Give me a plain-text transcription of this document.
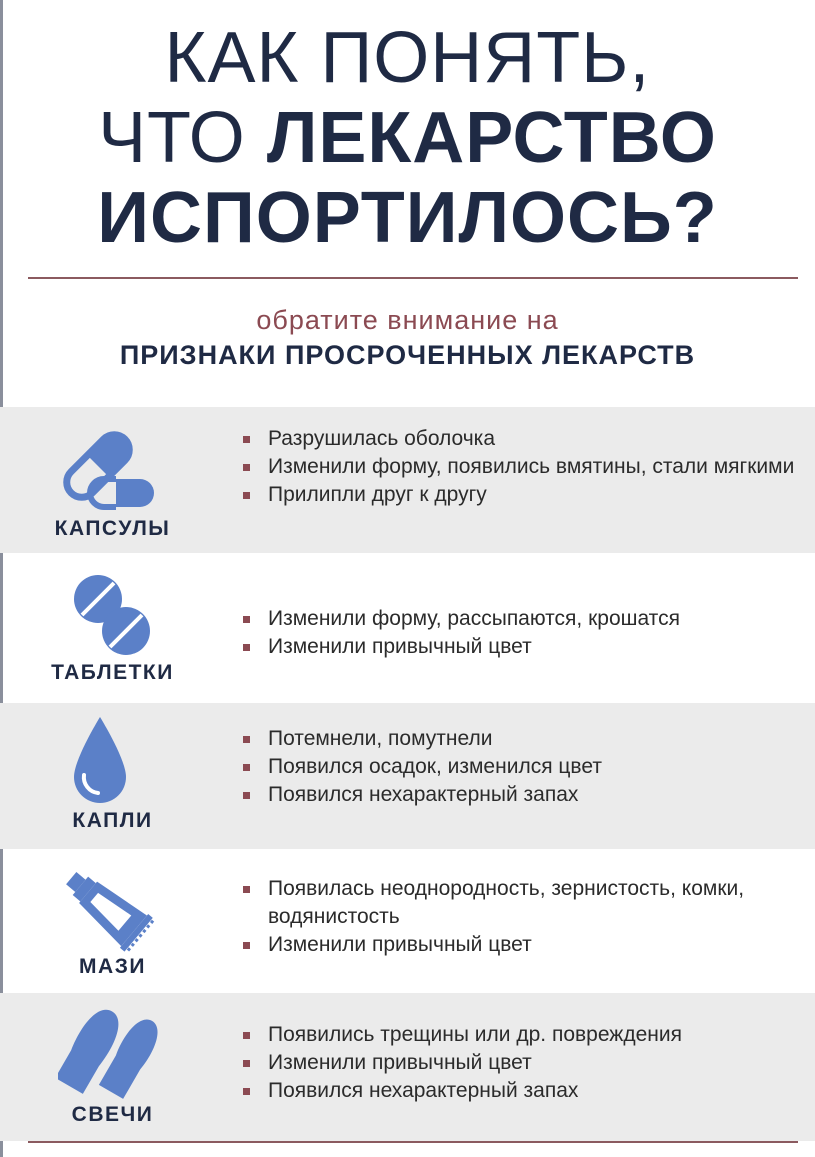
КАК ПОНЯТЬ,
ЧТО ЛЕКАРСТВО
ИСПОРТИЛОСЬ?
обратите внимание на
ПРИЗНАКИ ПРОСРОЧЕННЫХ ЛЕКАРСТВ
КАПСУЛЫ
Разрушилась оболочка
Изменили форму, появились вмятины, стали мягкими
Прилипли друг к другу
ТАБЛЕТКИ
Изменили форму, рассыпаются, крошатся
Изменили привычный цвет
КАПЛИ
Потемнели, помутнели
Появился осадок, изменился цвет
Появился нехарактерный запах
МАЗИ
Появилась неоднородность, зернистость, комки, водянистость
Изменили привычный цвет
СВЕЧИ
Появились трещины или др. повреждения
Изменили привычный цвет
Появился нехарактерный запах
